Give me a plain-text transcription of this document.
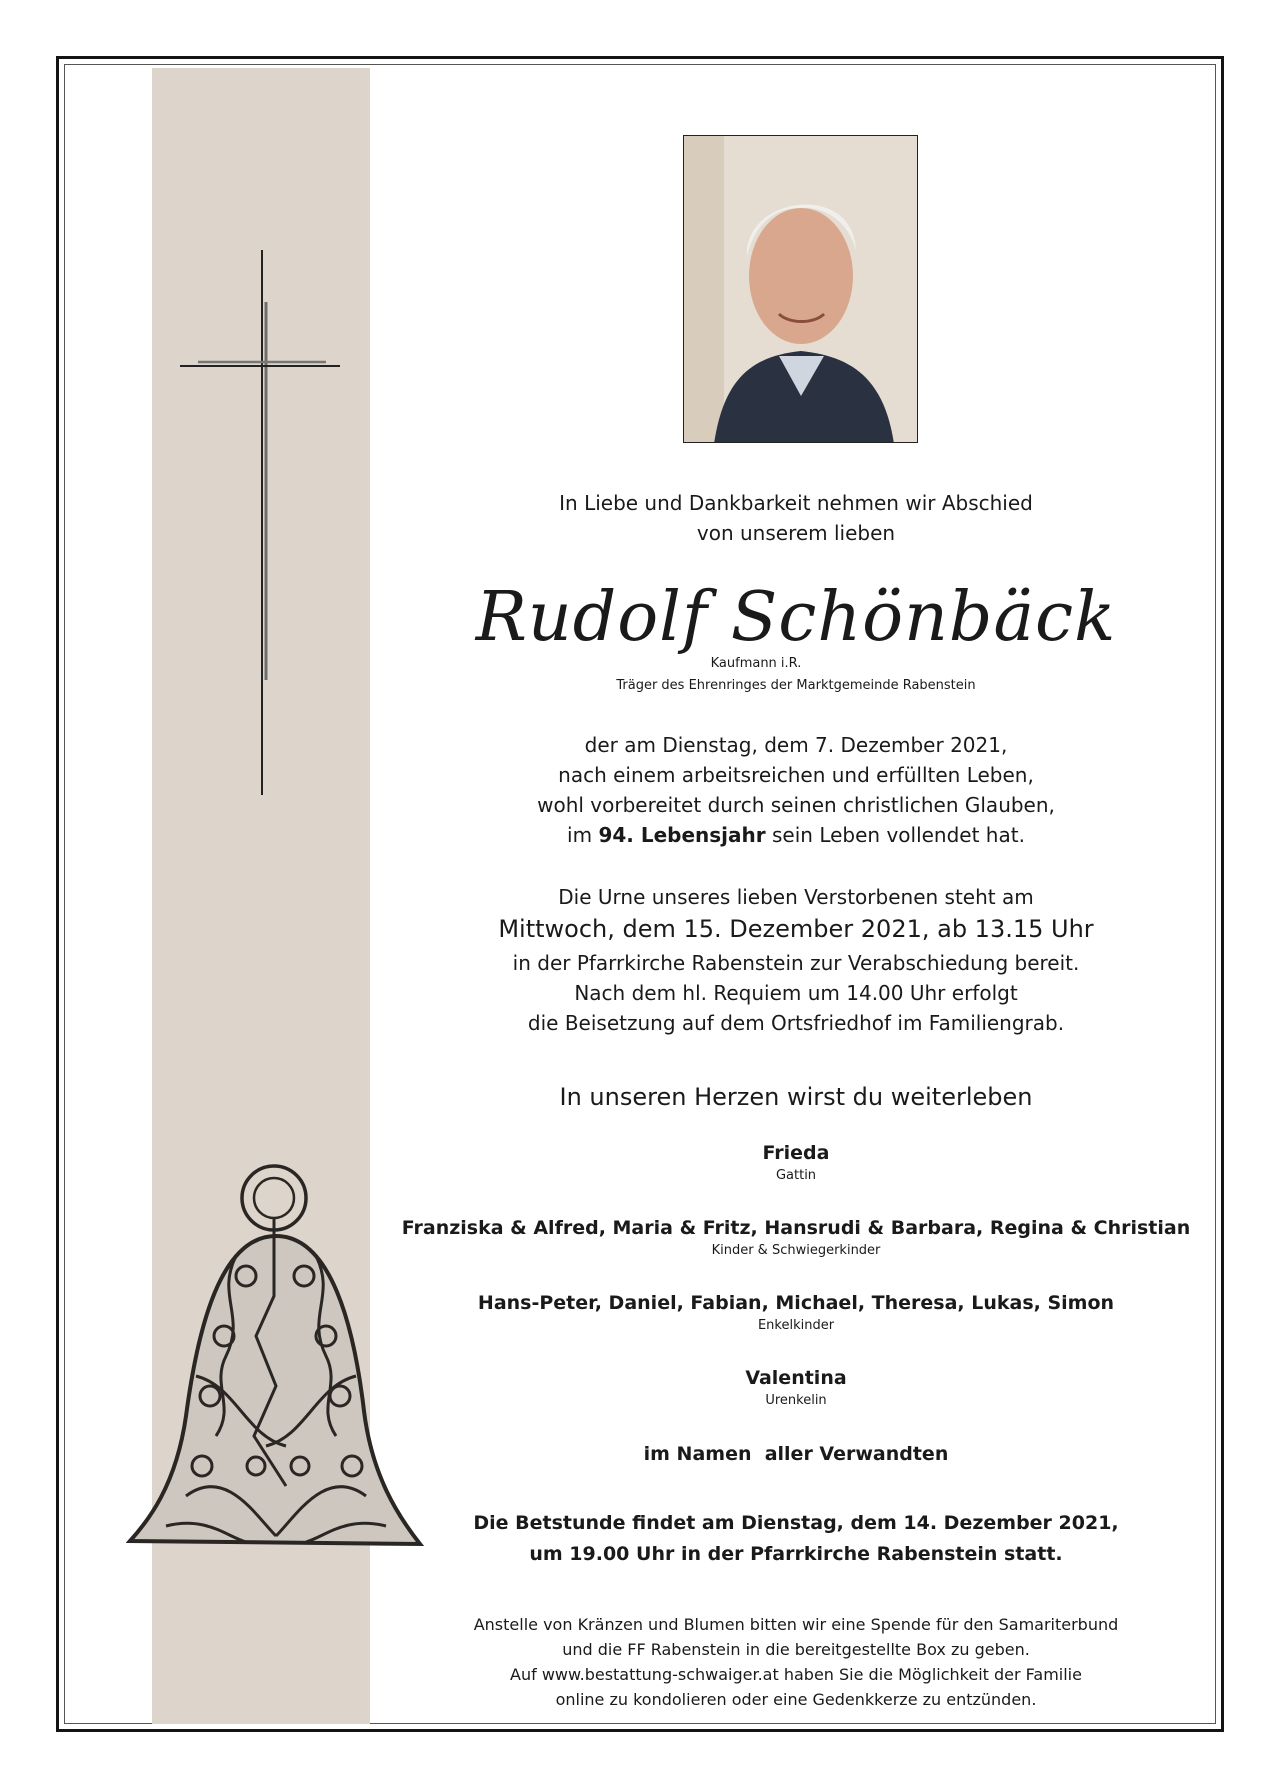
In Liebe und Dankbarkeit nehmen wir Abschied
von unserem lieben
Rudolf Schönbäck
Kaufmann i.R.
Träger des Ehrenringes der Marktgemeinde Rabenstein
der am Dienstag, dem 7. Dezember 2021,
nach einem arbeitsreichen und erfüllten Leben,
wohl vorbereitet durch seinen christlichen Glauben,
im 94. Lebensjahr sein Leben vollendet hat.
Die Urne unseres lieben Verstorbenen steht am
Mittwoch, dem 15. Dezember 2021, ab 13.15 Uhr
in der Pfarrkirche Rabenstein zur Verabschiedung bereit.
Nach dem hl. Requiem um 14.00 Uhr erfolgt
die Beisetzung auf dem Ortsfriedhof im Familiengrab.
In unseren Herzen wirst du weiterleben
Frieda
Gattin
Franziska & Alfred, Maria & Fritz, Hansrudi & Barbara, Regina & Christian
Kinder & Schwiegerkinder
Hans-Peter, Daniel, Fabian, Michael, Theresa, Lukas, Simon
Enkelkinder
Valentina
Urenkelin
im Namen  aller Verwandten
Die Betstunde findet am Dienstag, dem 14. Dezember 2021,
um 19.00 Uhr in der Pfarrkirche Rabenstein statt.
Anstelle von Kränzen und Blumen bitten wir eine Spende für den Samariterbund
und die FF Rabenstein in die bereitgestellte Box zu geben.
Auf www.bestattung-schwaiger.at haben Sie die Möglichkeit der Familie
online zu kondolieren oder eine Gedenkkerze zu entzünden.
